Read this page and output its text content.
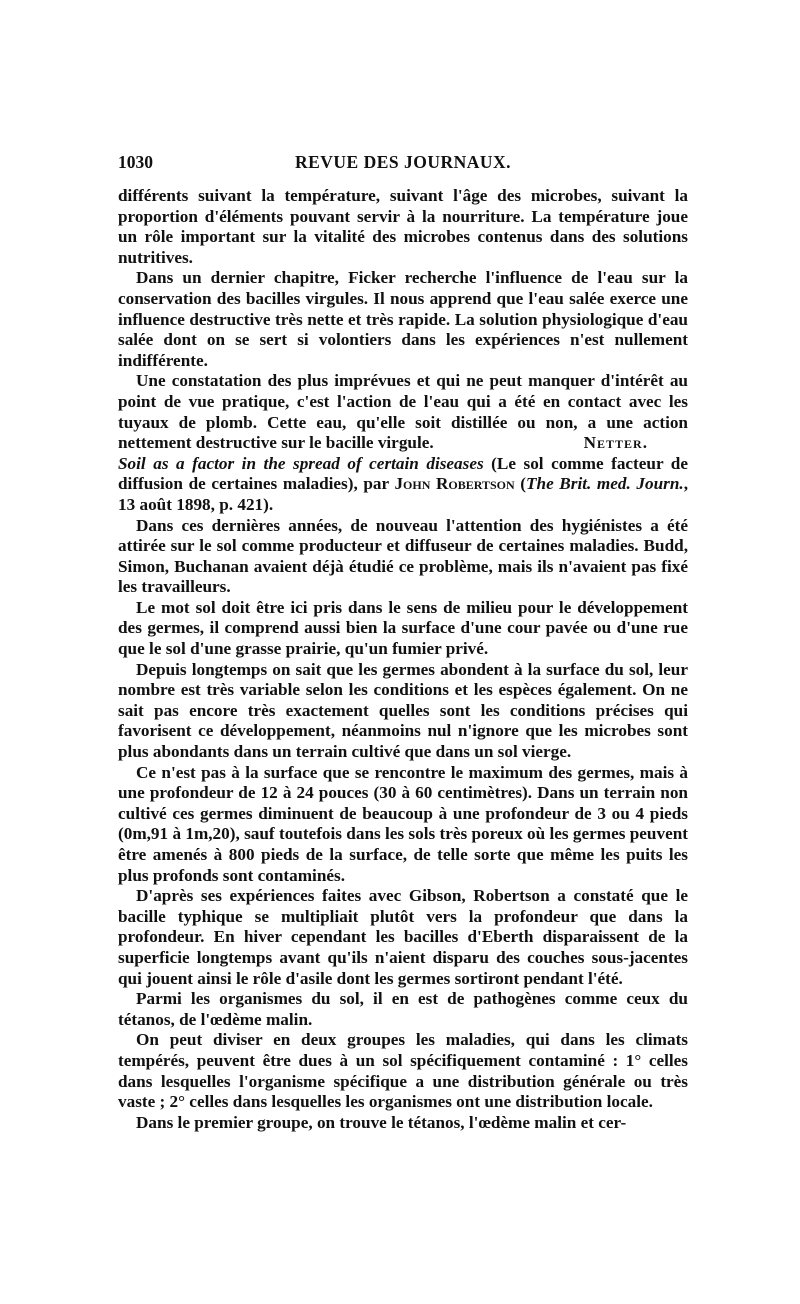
1030	REVUE DES JOURNAUX.

différents suivant la température, suivant l'âge des microbes, suivant la proportion d'éléments pouvant servir à la nourriture. La température joue un rôle important sur la vitalité des microbes contenus dans des solutions nutritives.

Dans un dernier chapitre, Ficker recherche l'influence de l'eau sur la conservation des bacilles virgules. Il nous apprend que l'eau salée exerce une influence destructive très nette et très rapide. La solution physiologique d'eau salée dont on se sert si volontiers dans les expériences n'est nullement indifférente.

Une constatation des plus imprévues et qui ne peut manquer d'intérêt au point de vue pratique, c'est l'action de l'eau qui a été en contact avec les tuyaux de plomb. Cette eau, qu'elle soit distillée ou non, a une action nettement destructive sur le bacille virgule.	Netter.

Soil as a factor in the spread of certain diseases (Le sol comme facteur de diffusion de certaines maladies), par John Robertson (The Brit. med. Journ., 13 août 1898, p. 421).

Dans ces dernières années, de nouveau l'attention des hygiénistes a été attirée sur le sol comme producteur et diffuseur de certaines maladies. Budd, Simon, Buchanan avaient déjà étudié ce problème, mais ils n'avaient pas fixé les travailleurs.

Le mot sol doit être ici pris dans le sens de milieu pour le développement des germes, il comprend aussi bien la surface d'une cour pavée ou d'une rue que le sol d'une grasse prairie, qu'un fumier privé.

Depuis longtemps on sait que les germes abondent à la surface du sol, leur nombre est très variable selon les conditions et les espèces également. On ne sait pas encore très exactement quelles sont les conditions précises qui favorisent ce développement, néanmoins nul n'ignore que les microbes sont plus abondants dans un terrain cultivé que dans un sol vierge.

Ce n'est pas à la surface que se rencontre le maximum des germes, mais à une profondeur de 12 à 24 pouces (30 à 60 centimètres). Dans un terrain non cultivé ces germes diminuent de beaucoup à une profondeur de 3 ou 4 pieds (0m,91 à 1m,20), sauf toutefois dans les sols très poreux où les germes peuvent être amenés à 800 pieds de la surface, de telle sorte que même les puits les plus profonds sont contaminés.

D'après ses expériences faites avec Gibson, Robertson a constaté que le bacille typhique se multipliait plutôt vers la profondeur que dans la profondeur. En hiver cependant les bacilles d'Eberth disparaissent de la superficie longtemps avant qu'ils n'aient disparu des couches sous-jacentes qui jouent ainsi le rôle d'asile dont les germes sortiront pendant l'été.

Parmi les organismes du sol, il en est de pathogènes comme ceux du tétanos, de l'œdème malin.

On peut diviser en deux groupes les maladies, qui dans les climats tempérés, peuvent être dues à un sol spécifiquement contaminé : 1° celles dans lesquelles l'organisme spécifique a une distribution générale ou très vaste ; 2° celles dans lesquelles les organismes ont une distribution locale.

Dans le premier groupe, on trouve le tétanos, l'œdème malin et cer-
